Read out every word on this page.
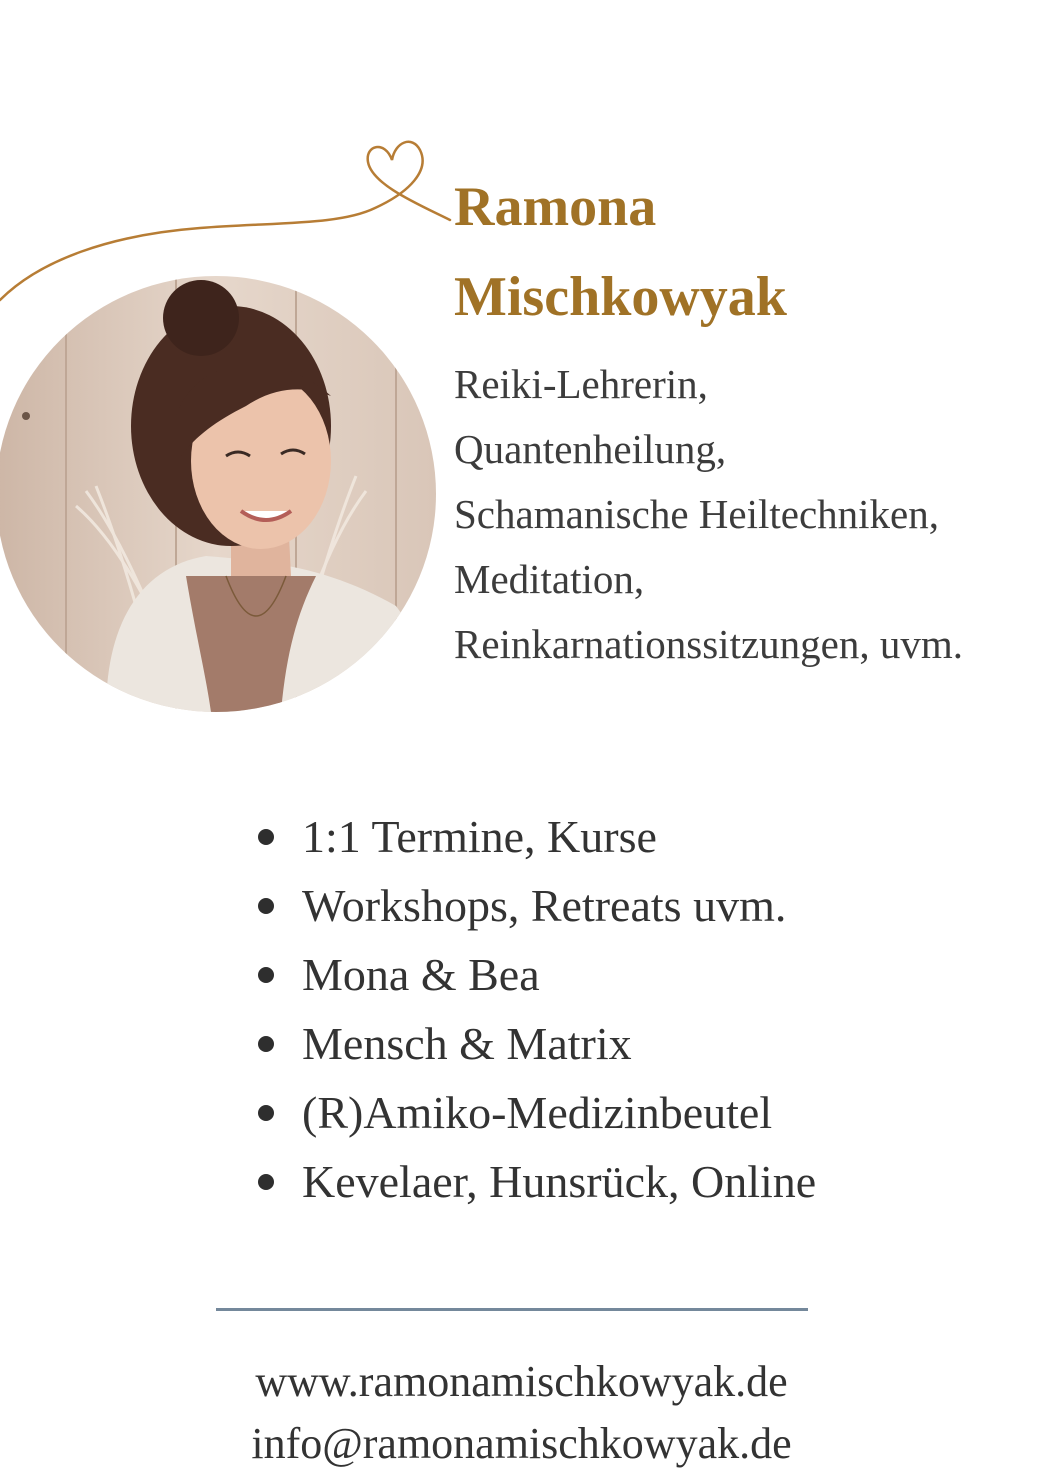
Ramona
Mischkowyak
Reiki-Lehrerin,
Quantenheilung,
Schamanische Heiltechniken,
Meditation,
Reinkarnationssitzungen, uvm.
1:1 Termine, Kurse
Workshops, Retreats uvm.
Mona & Bea
Mensch & Matrix
(R)Amiko-Medizinbeutel
Kevelaer, Hunsrück, Online
www.ramonamischkowyak.de
info@ramonamischkowyak.de
